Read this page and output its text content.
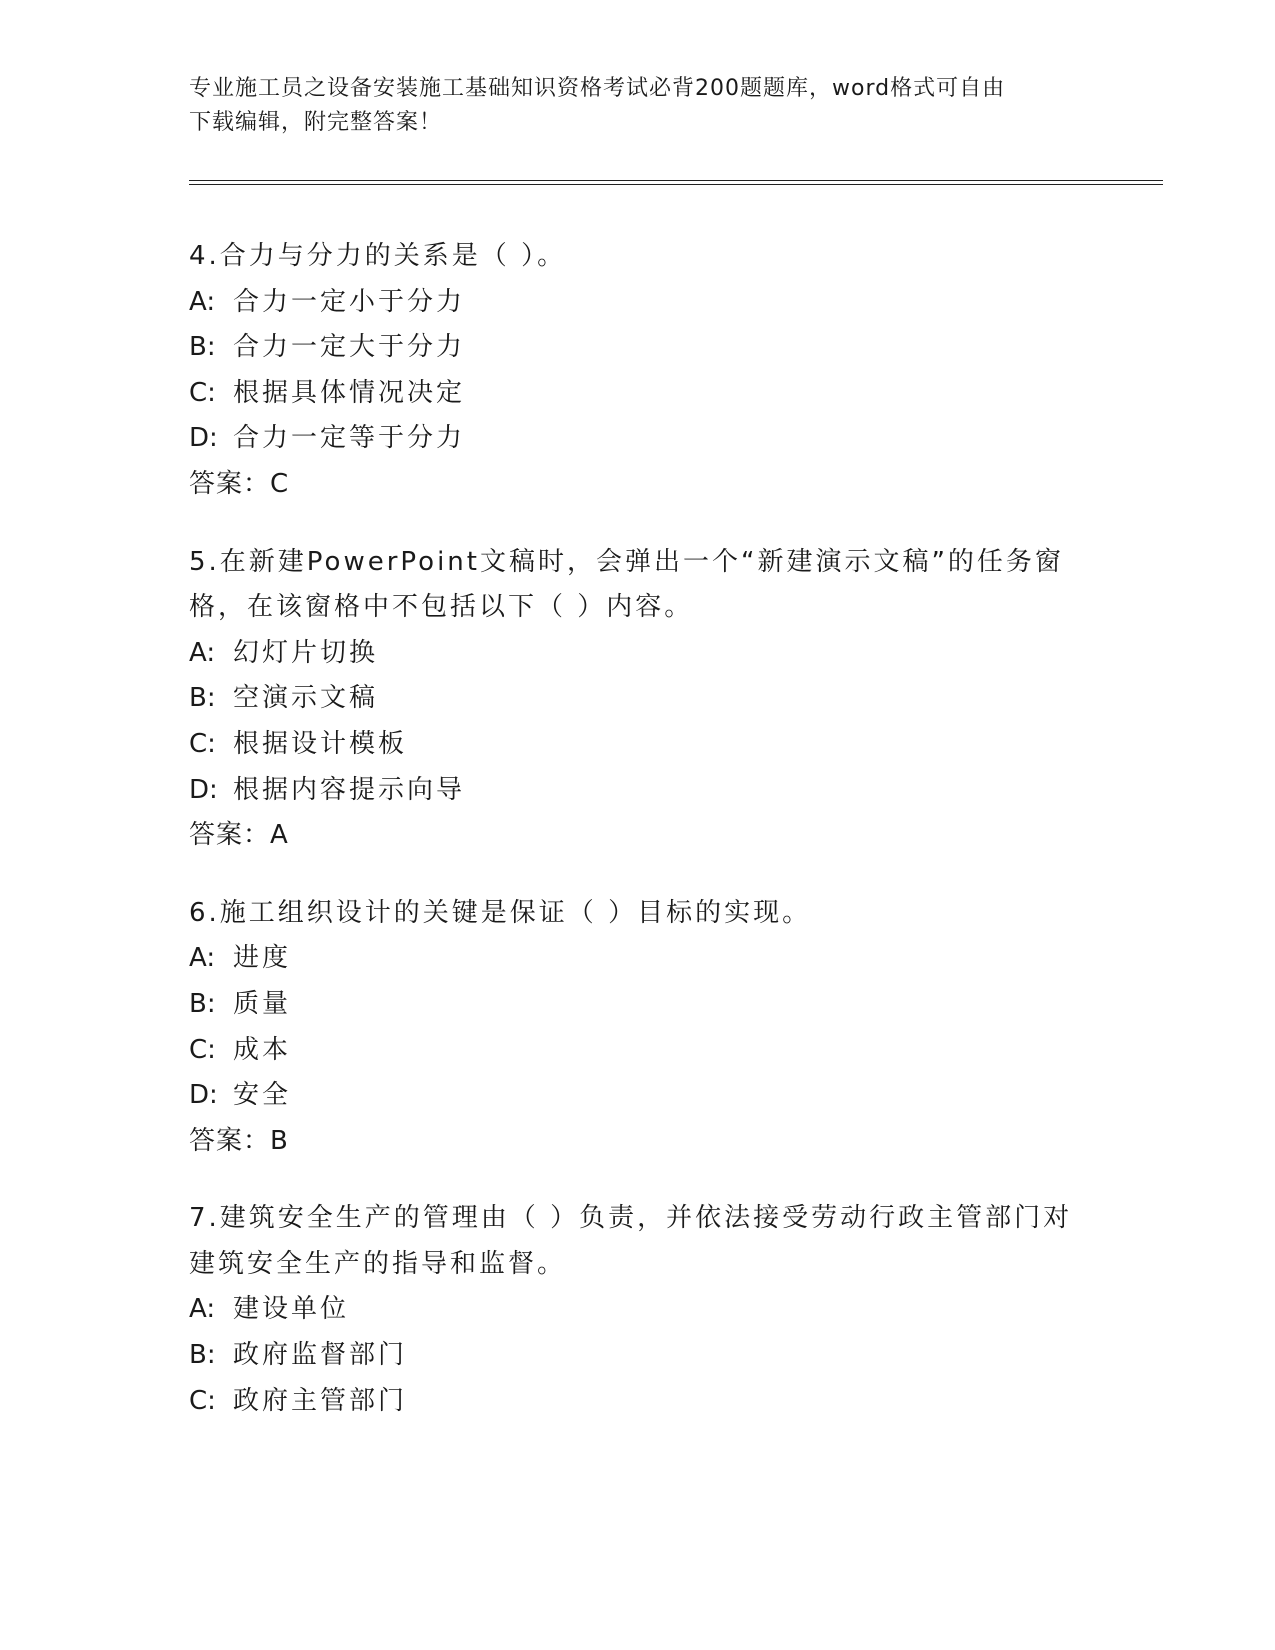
专业施工员之设备安装施工基础知识资格考试必背200题题库，word格式可自由
下载编辑，附完整答案！
4.合力与分力的关系是（ ）。
A: 合力一定小于分力
B: 合力一定大于分力
C: 根据具体情况决定
D: 合力一定等于分力
答案：C
5.在新建PowerPoint文稿时，会弹出一个“新建演示文稿”的任务窗格，在该窗格中不包括以下（ ）内容。
A: 幻灯片切换
B: 空演示文稿
C: 根据设计模板
D: 根据内容提示向导
答案：A
6.施工组织设计的关键是保证（ ）目标的实现。
A: 进度
B: 质量
C: 成本
D: 安全
答案：B
7.建筑安全生产的管理由（ ）负责，并依法接受劳动行政主管部门对建筑安全生产的指导和监督。
A: 建设单位
B: 政府监督部门
C: 政府主管部门
